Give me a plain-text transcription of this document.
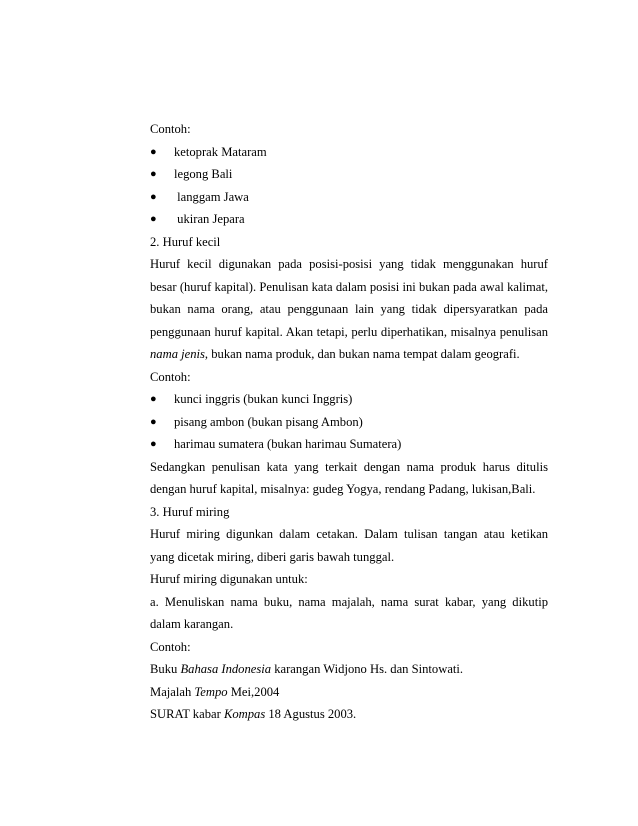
Contoh:
● ketoprak Mataram
● legong Bali
● langgam Jawa
● ukiran Jepara
2. Huruf kecil
Huruf kecil digunakan pada posisi-posisi yang tidak menggunakan huruf
besar (huruf kapital). Penulisan kata dalam posisi ini bukan pada awal kalimat,
bukan nama orang, atau penggunaan lain yang tidak dipersyaratkan pada
penggunaan huruf kapital. Akan tetapi, perlu diperhatikan, misalnya penulisan
nama jenis, bukan nama produk, dan bukan nama tempat dalam geografi.
Contoh:
● kunci inggris (bukan kunci Inggris)
● pisang ambon (bukan pisang Ambon)
● harimau sumatera (bukan harimau Sumatera)
Sedangkan penulisan kata yang terkait dengan nama produk harus ditulis
dengan huruf kapital, misalnya: gudeg Yogya, rendang Padang, lukisan,Bali.
3. Huruf miring
Huruf miring digunkan dalam cetakan. Dalam tulisan tangan atau ketikan
yang dicetak miring, diberi garis bawah tunggal.
Huruf miring digunakan untuk:
a. Menuliskan nama buku, nama majalah, nama surat kabar, yang dikutip
dalam karangan.
Contoh:
Buku Bahasa Indonesia karangan Widjono Hs. dan Sintowati.
Majalah Tempo Mei,2004
SURAT kabar Kompas 18 Agustus 2003.
